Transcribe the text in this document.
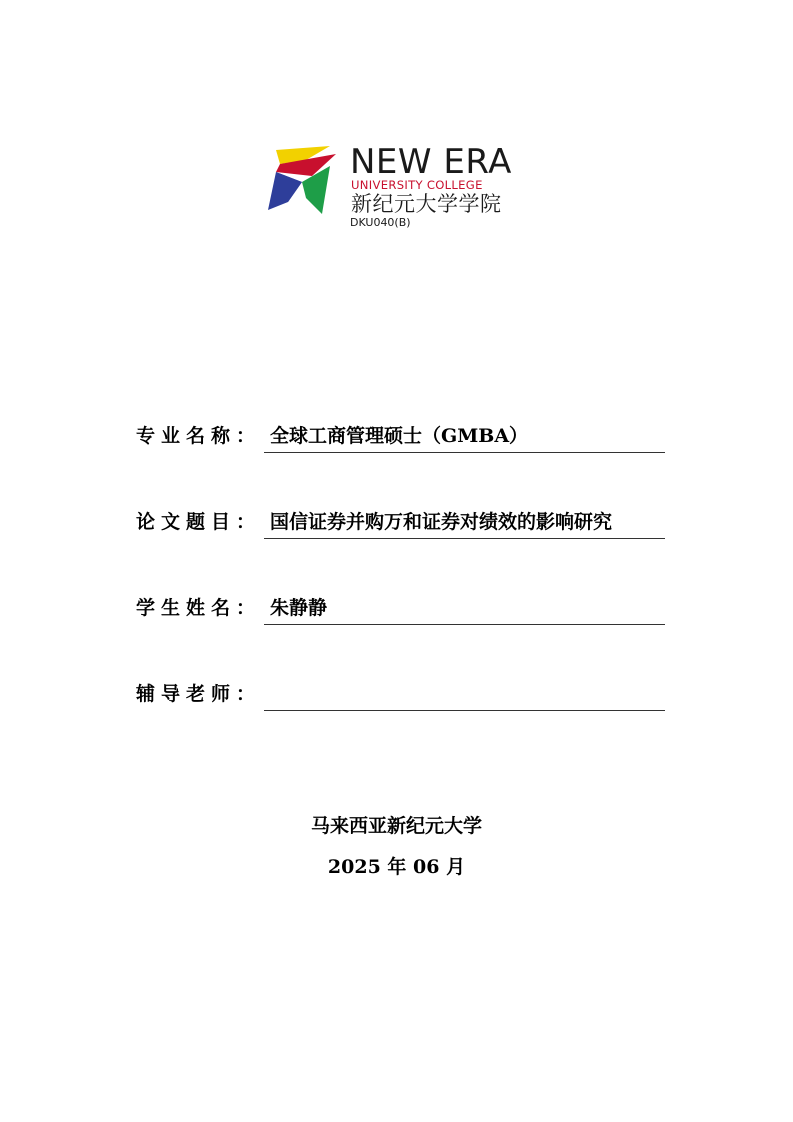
NEW ERA
UNIVERSITY COLLEGE
新纪元大学学院
DKU040(B)
专业名称： 全球工商管理硕士（GMBA）
论文题目： 国信证券并购万和证券对绩效的影响研究
学生姓名： 朱静静
辅导老师：
马来西亚新纪元大学
2025 年 06 月
